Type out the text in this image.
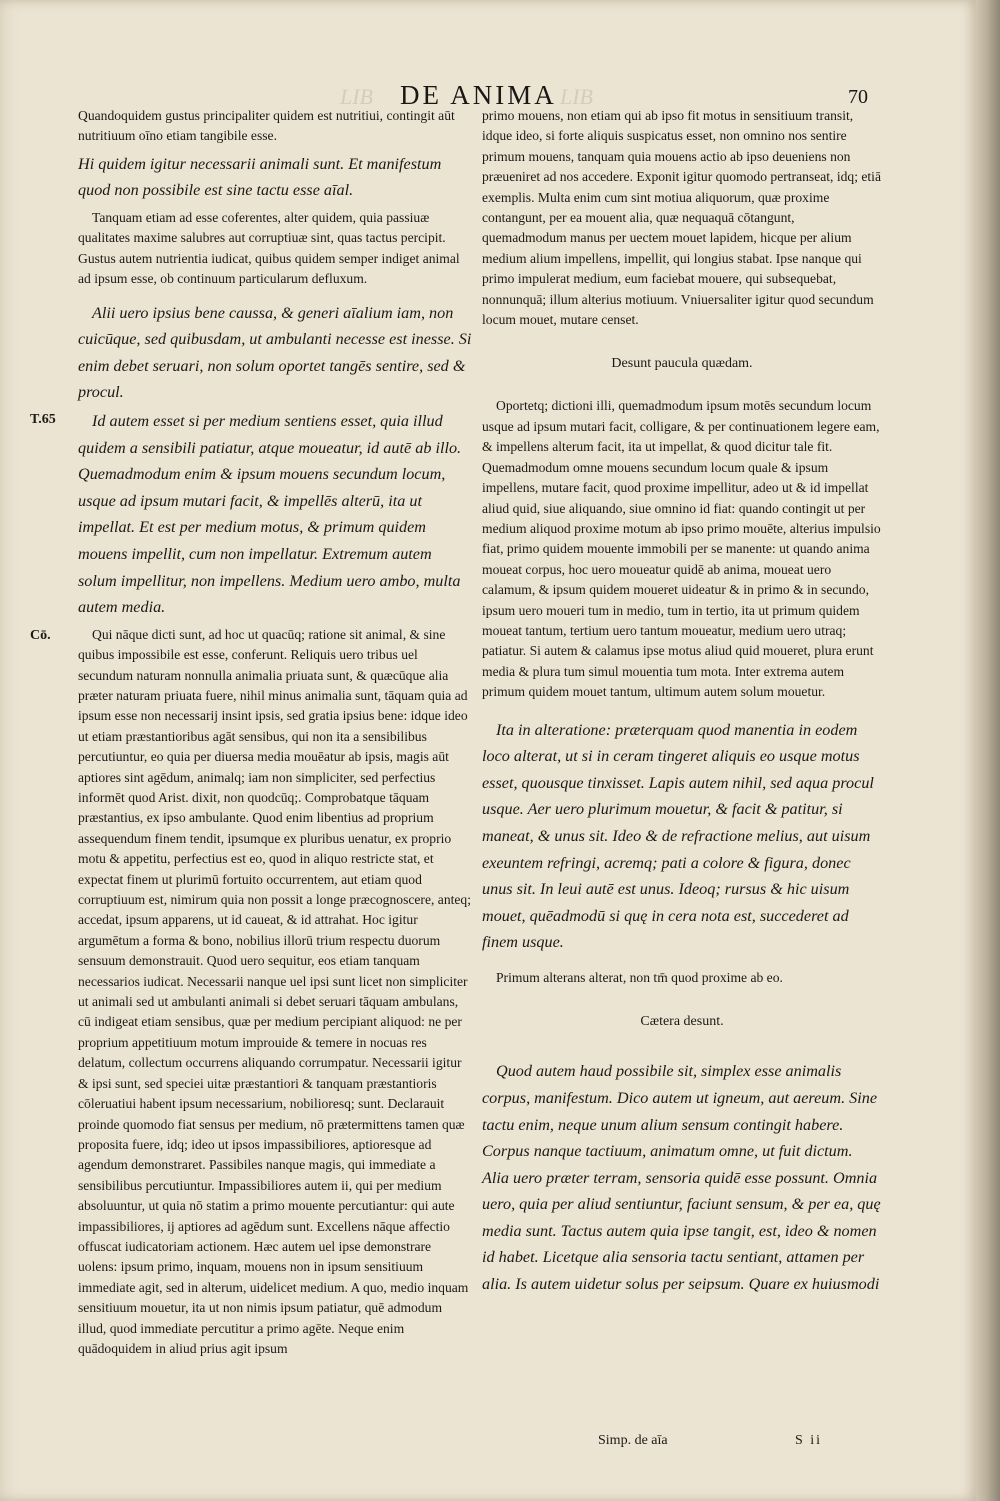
LIB	LIB
DE ANIMA	70
T.65
Cō.

Quandoquidem gustus principaliter quidem est nutritiui, contingit aūt nutritiuum oīno etiam tangibile esse.

Hi quidem igitur necessarii animali sunt. Et manifestum quod non possibile est sine tactu esse aīal.

Tanquam etiam ad esse coferentes, alter quidem, quia passiuæ qualitates maxime salubres aut corruptiuæ sint, quas tactus percipit. Gustus autem nutrientia iudicat, quibus quidem semper indiget animal ad ipsum esse, ob continuum particularum defluxum.

Alii uero ipsius bene caussa, & generi aīalium iam, non cuicūque, sed quibusdam, ut ambulanti necesse est inesse. Si enim debet seruari, non solum oportet tangēs sentire, sed & procul.

Id autem esset si per medium sentiens esset, quia illud quidem a sensibili patiatur, atque moueatur, id autē ab illo. Quemadmodum enim & ipsum mouens secundum locum, usque ad ipsum mutari facit, & impellēs alterū, ita ut impellat. Et est per medium motus, & primum quidem mouens impellit, cum non impellatur. Extremum autem solum impellitur, non impellens. Medium uero ambo, multa autem media.

Qui nāque dicti sunt, ad hoc ut quacūq; ratione sit animal, & sine quibus impossibile est esse, conferunt. Reliquis uero tribus uel secundum naturam nonnulla animalia priuata sunt, & quæcūque alia præter naturam priuata fuere, nihil minus animalia sunt, tāquam quia ad ipsum esse non necessarij insint ipsis, sed gratia ipsius bene: idque ideo ut etiam præstantioribus agāt sensibus, qui non ita a sensibilibus percutiuntur, eo quia per diuersa media mouēatur ab ipsis, magis aūt aptiores sint agēdum, animalq; iam non simpliciter, sed perfectius informēt quod Arist. dixit, non quodcūq;. Comprobatque tāquam præstantius, ex ipso ambulante. Quod enim libentius ad proprium assequendum finem tendit, ipsumque ex pluribus uenatur, ex proprio motu & appetitu, perfectius est eo, quod in aliquo restricte stat, et expectat finem ut plurimū fortuito occurrentem, aut etiam quod corruptiuum est, nimirum quia non possit a longe præcognoscere, anteq; accedat, ipsum apparens, ut id caueat, & id attrahat. Hoc igitur argumētum a forma & bono, nobilius illorū trium respectu duorum sensuum demonstrauit. Quod uero sequitur, eos etiam tanquam necessarios iudicat. Necessarii nanque uel ipsi sunt licet non simpliciter ut animali sed ut ambulanti animali si debet seruari tāquam ambulans, cū indigeat etiam sensibus, quæ per medium percipiant aliquod: ne per proprium appetitiuum motum improuide & temere in nocuas res delatum, collectum occurrens aliquando corrumpatur. Necessarii igitur & ipsi sunt, sed speciei uitæ præstantiori & tanquam præstantioris cōleruatiui habent ipsum necessarium, nobilioresq; sunt. Declarauit proinde quomodo fiat sensus per medium, nō prætermittens tamen quæ proposita fuere, idq; ideo ut ipsos impassibiliores, aptioresque ad agendum demonstraret. Passibiles nanque magis, qui immediate a sensibilibus percutiuntur. Impassibiliores autem ii, qui per medium absoluuntur, ut quia nō statim a primo mouente percutiantur: qui aute impassibiliores, ij aptiores ad agēdum sunt. Excellens nāque affectio offuscat iudicatoriam actionem. Hæc autem uel ipse demonstrare uolens: ipsum primo, inquam, mouens non in ipsum sensitiuum immediate agit, sed in alterum, uidelicet medium. A quo, medio inquam sensitiuum mouetur, ita ut non nimis ipsum patiatur, quē admodum illud, quod immediate percutitur a primo agēte. Neque enim quādoquidem in aliud prius agit ipsum

primo mouens, non etiam qui ab ipso fit motus in sensitiuum transit, idque ideo, si forte aliquis suspicatus esset, non omnino nos sentire primum mouens, tanquam quia mouens actio ab ipso deueniens non præueniret ad nos accedere. Exponit igitur quomodo pertranseat, idq; etiā exemplis. Multa enim cum sint motiua aliquorum, quæ proxime contangunt, per ea mouent alia, quæ nequaquā cōtangunt, quemadmodum manus per uectem mouet lapidem, hicque per alium medium alium impellens, impellit, qui longius stabat. Ipse nanque qui primo impulerat medium, eum faciebat mouere, qui subsequebat, nonnunquā; illum alterius motiuum. Vniuersaliter igitur quod secundum locum mouet, mutare censet.

Desunt paucula quædam.

Oportetq; dictioni illi, quemadmodum ipsum motēs secundum locum usque ad ipsum mutari facit, colligare, & per continuationem legere eam, & impellens alterum facit, ita ut impellat, & quod dicitur tale fit. Quemadmodum omne mouens secundum locum quale & ipsum impellens, mutare facit, quod proxime impellitur, adeo ut & id impellat aliud quid, siue aliquando, siue omnino id fiat: quando contingit ut per medium aliquod proxime motum ab ipso primo mouēte, alterius impulsio fiat, primo quidem mouente immobili per se manente: ut quando anima moueat corpus, hoc uero moueatur quidē ab anima, moueat uero calamum, & ipsum quidem moueret uideatur & in primo & in secundo, ipsum uero moueri tum in medio, tum in tertio, ita ut primum quidem moueat tantum, tertium uero tantum moueatur, medium uero utraq; patiatur. Si autem & calamus ipse motus aliud quid moueret, plura erunt media & plura tum simul mouentia tum mota. Inter extrema autem primum quidem mouet tantum, ultimum autem solum mouetur.

Ita in alteratione: præterquam quod manentia in eodem loco alterat, ut si in ceram tingeret aliquis eo usque motus esset, quousque tinxisset. Lapis autem nihil, sed aqua procul usque. Aer uero plurimum mouetur, & facit & patitur, si maneat, & unus sit. Ideo & de refractione melius, aut uisum exeuntem refringi, acremq; pati a colore & figura, donec unus sit. In leui autē est unus. Ideoq; rursus & hic uisum mouet, quēadmodū si quę in cera nota est, succederet ad finem usque.

Primum alterans alterat, non tm̄ quod proxime ab eo.

Cætera desunt.

Quod autem haud possibile sit, simplex esse animalis corpus, manifestum. Dico autem ut igneum, aut aereum. Sine tactu enim, neque unum alium sensum contingit habere. Corpus nanque tactiuum, animatum omne, ut fuit dictum. Alia uero præter terram, sensoria quidē esse possunt. Omnia uero, quia per aliud sentiuntur, faciunt sensum, & per ea, quę media sunt. Tactus autem quia ipse tangit, est, ideo & nomen id habet. Licetque alia sensoria tactu sentiant, attamen per alia. Is autem uidetur solus per seipsum. Quare ex huiusmodi

Simp. de aīa	S ii
